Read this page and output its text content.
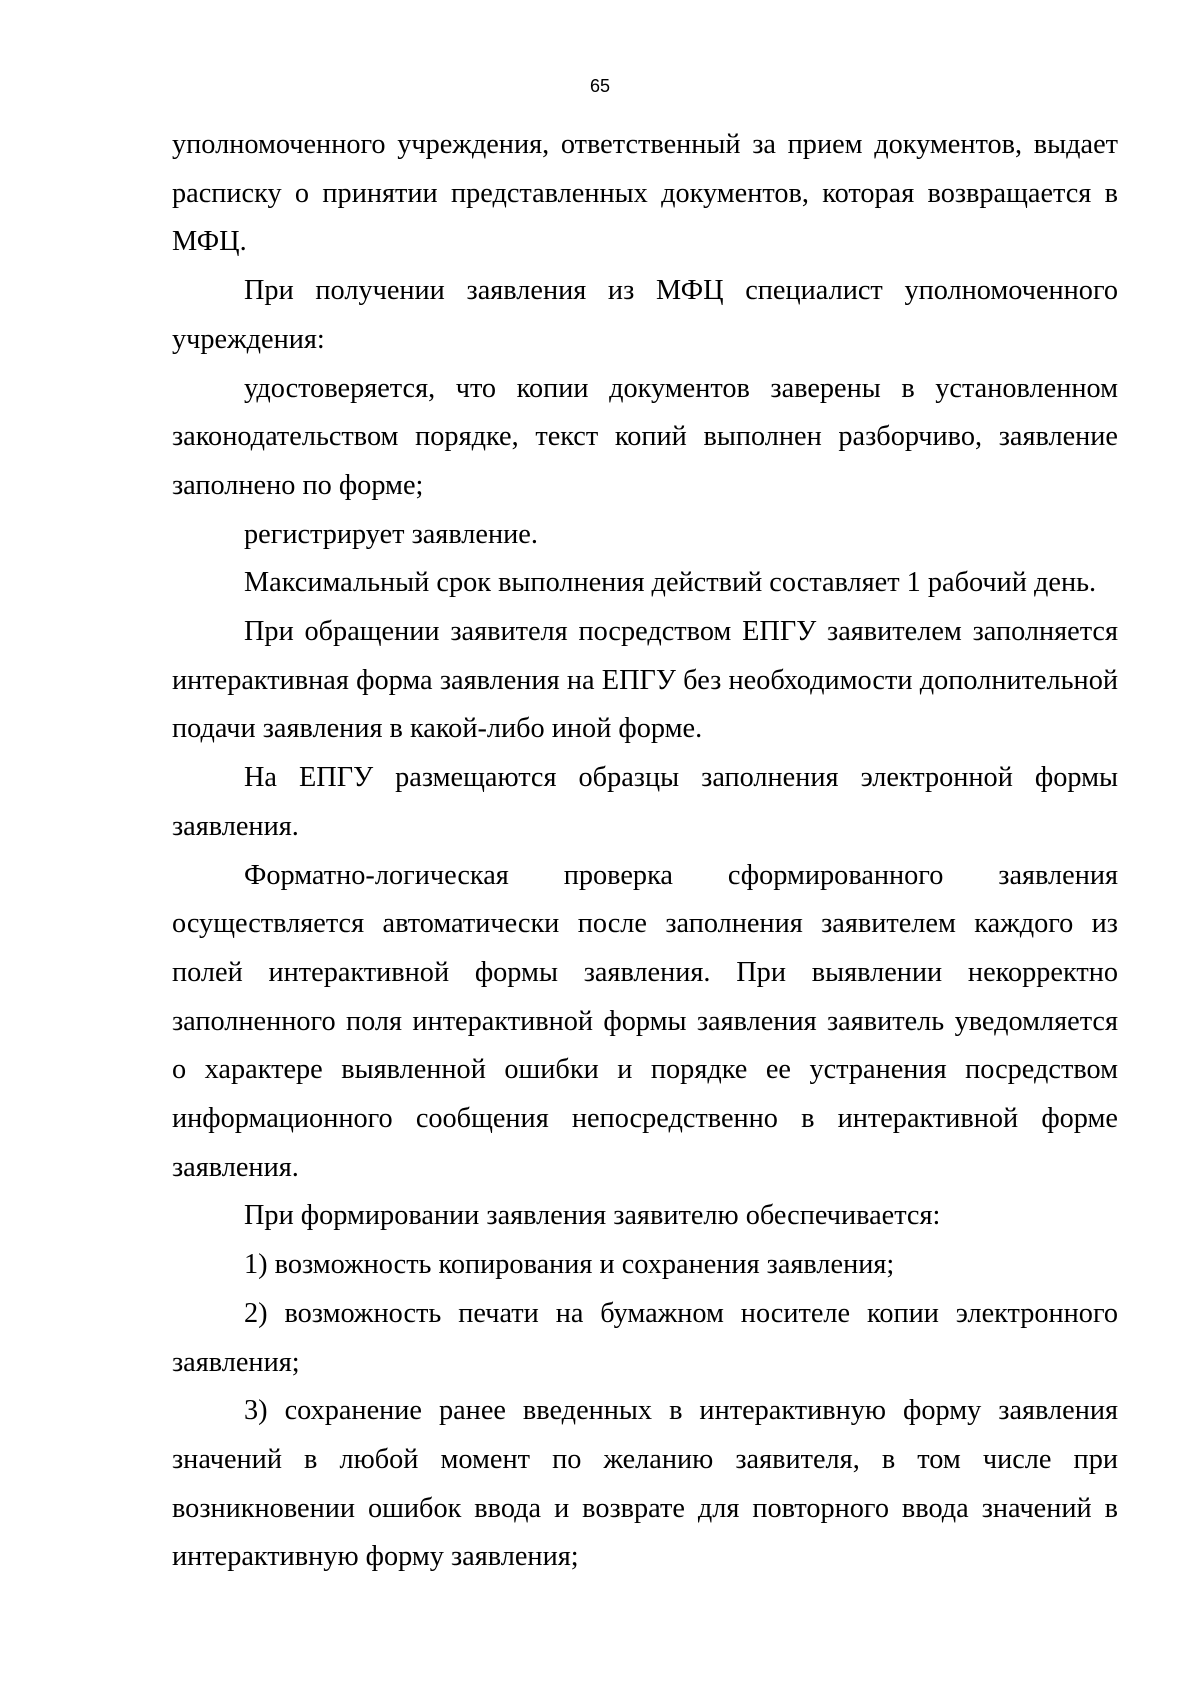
65

уполномоченного учреждения, ответственный за прием документов, выдает расписку о принятии представленных документов, которая возвращается в МФЦ.

При получении заявления из МФЦ специалист уполномоченного учреждения:

удостоверяется, что копии документов заверены в установленном законодательством порядке, текст копий выполнен разборчиво, заявление заполнено по форме;

регистрирует заявление.

Максимальный срок выполнения действий составляет 1 рабочий день.

При обращении заявителя посредством ЕПГУ заявителем заполняется интерактивная форма заявления на ЕПГУ без необходимости дополнительной подачи заявления в какой-либо иной форме.

На ЕПГУ размещаются образцы заполнения электронной формы заявления.

Форматно-логическая проверка сформированного заявления осуществляется автоматически после заполнения заявителем каждого из полей интерактивной формы заявления. При выявлении некорректно заполненного поля интерактивной формы заявления заявитель уведомляется о характере выявленной ошибки и порядке ее устранения посредством информационного сообщения непосредственно в интерактивной форме заявления.

При формировании заявления заявителю обеспечивается:

1) возможность копирования и сохранения заявления;

2) возможность печати на бумажном носителе копии электронного заявления;

3) сохранение ранее введенных в интерактивную форму заявления значений в любой момент по желанию заявителя, в том числе при возникновении ошибок ввода и возврате для повторного ввода значений в интерактивную форму заявления;
